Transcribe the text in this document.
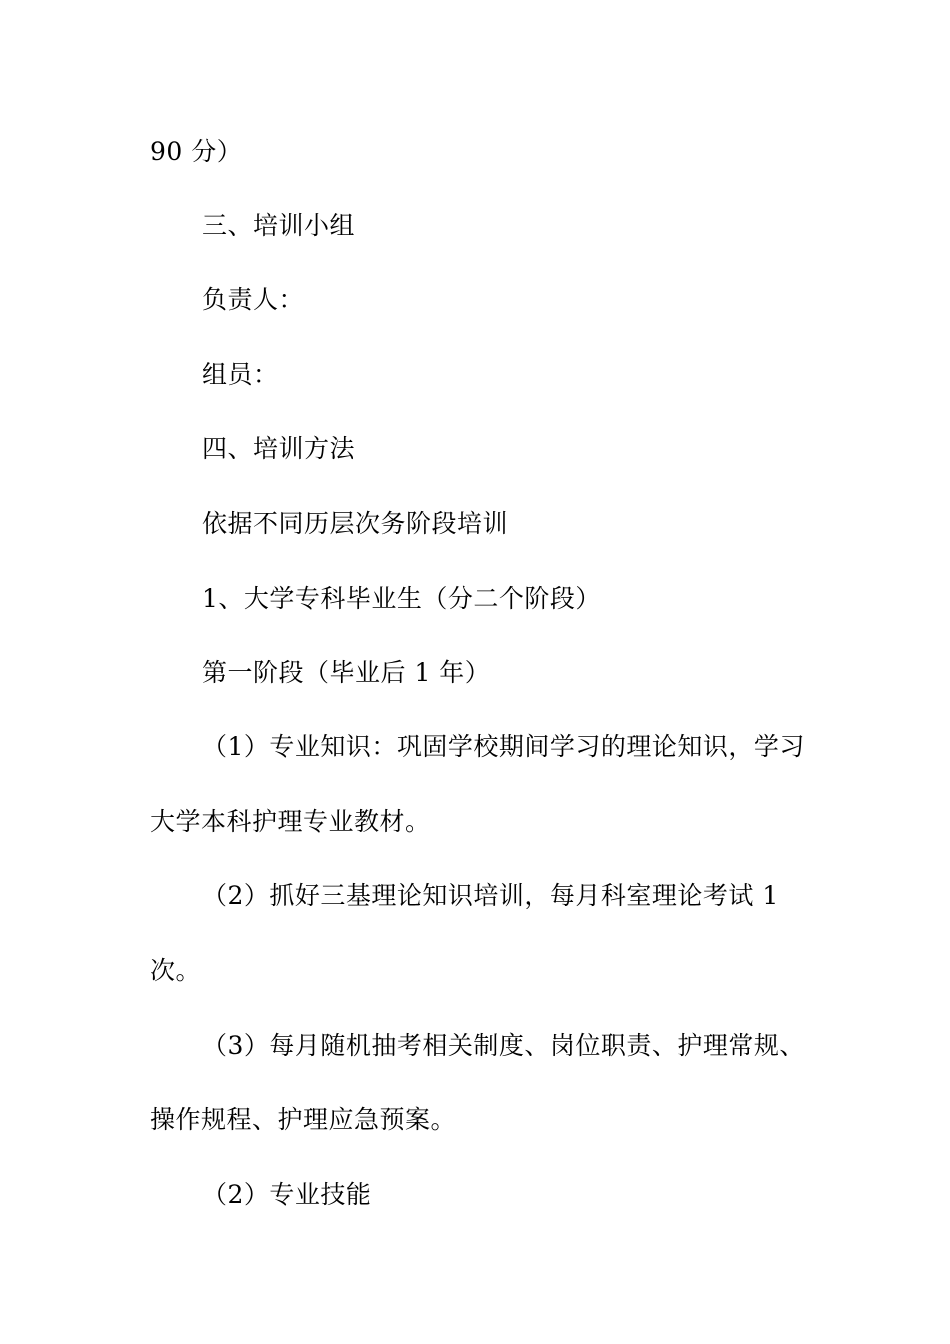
90 分）
三、培训小组
负责人：
组员：
四、培训方法
依据不同历层次务阶段培训
1、大学专科毕业生（分二个阶段）
第一阶段（毕业后 1 年）
（1）专业知识：巩固学校期间学习的理论知识，学习
大学本科护理专业教材。
（2）抓好三基理论知识培训，每月科室理论考试 1
次。
（3）每月随机抽考相关制度、岗位职责、护理常规、
操作规程、护理应急预案。
（2）专业技能
